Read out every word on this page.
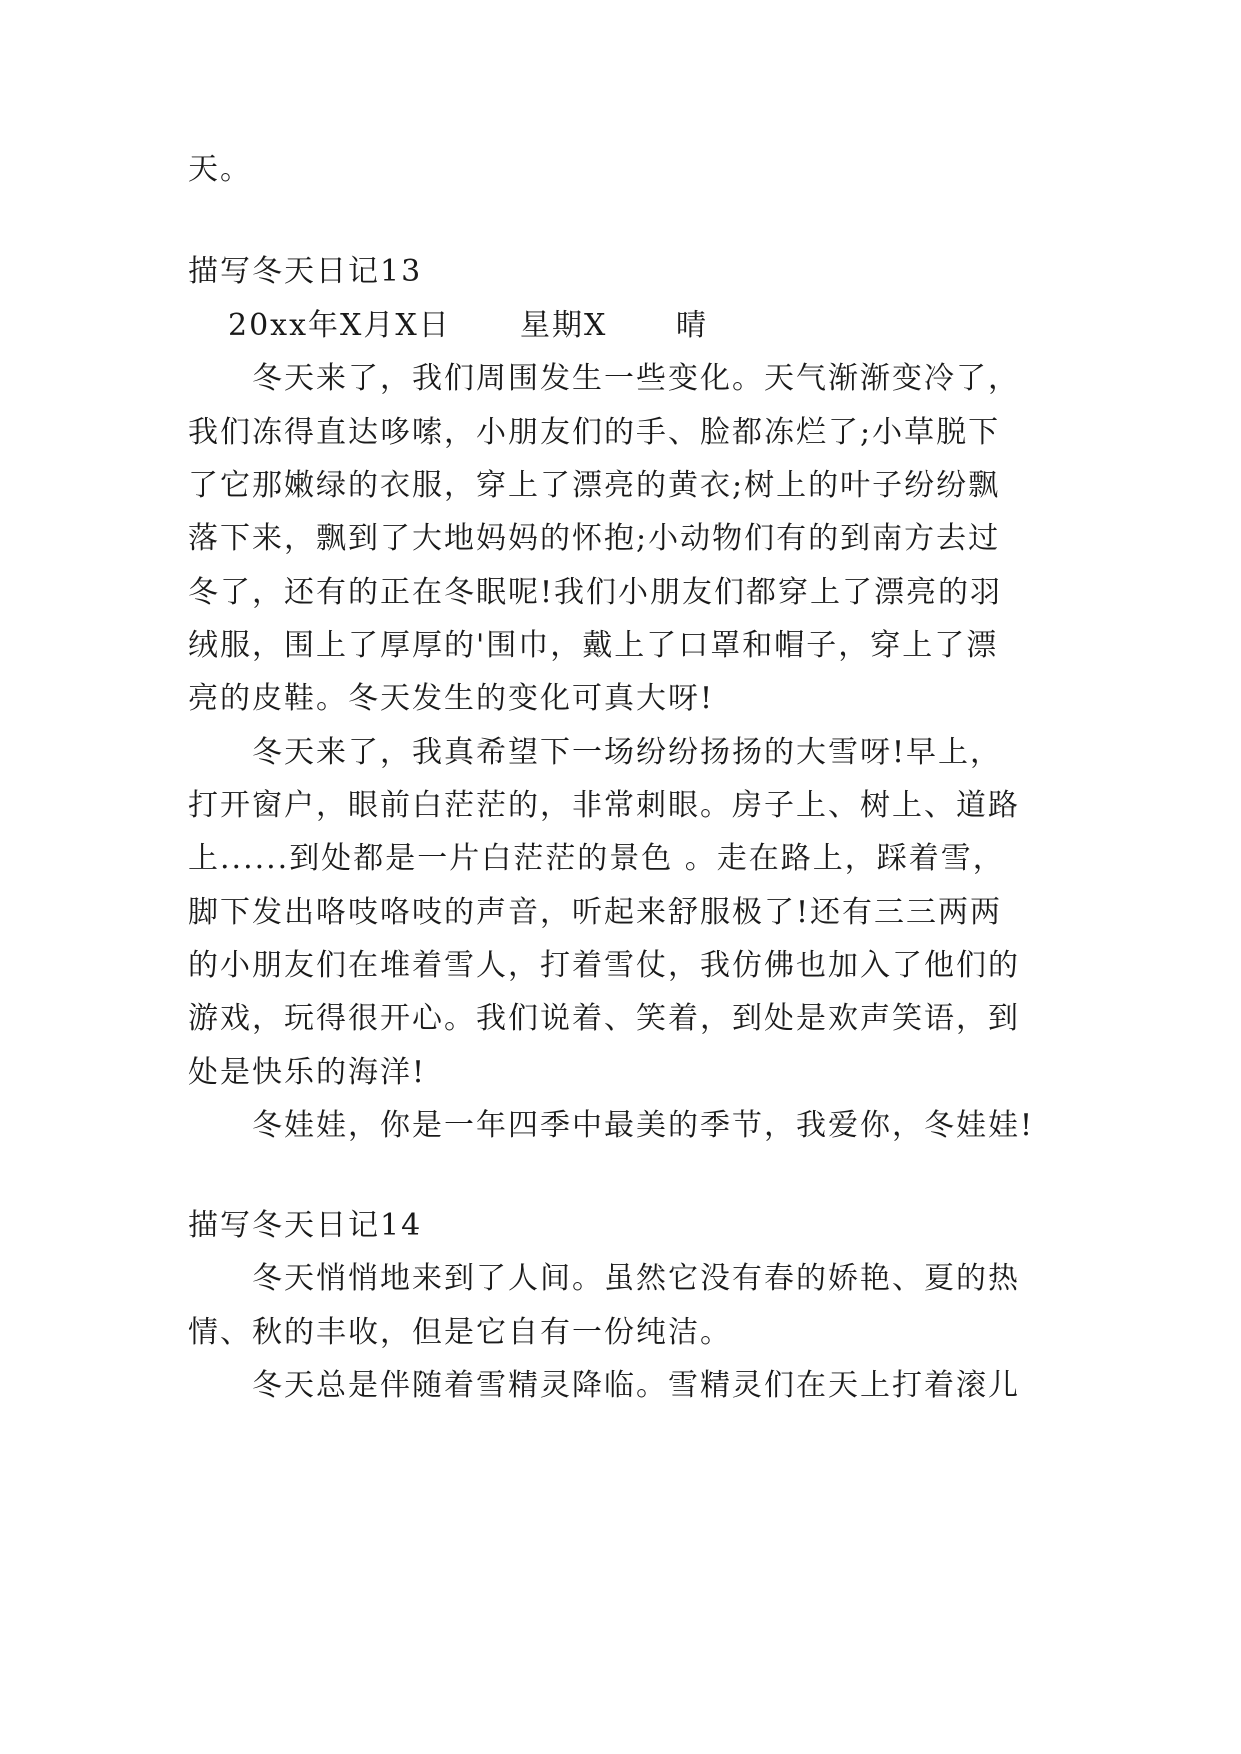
天。
描写冬天日记13
20xx年X月X日 星期X 晴
冬天来了，我们周围发生一些变化。天气渐渐变冷了，
我们冻得直达哆嗦，小朋友们的手、脸都冻烂了;小草脱下
了它那嫩绿的衣服，穿上了漂亮的黄衣;树上的叶子纷纷飘
落下来，飘到了大地妈妈的怀抱;小动物们有的到南方去过
冬了，还有的正在冬眠呢!我们小朋友们都穿上了漂亮的羽
绒服，围上了厚厚的'围巾，戴上了口罩和帽子，穿上了漂
亮的皮鞋。冬天发生的变化可真大呀!
冬天来了，我真希望下一场纷纷扬扬的大雪呀!早上，
打开窗户，眼前白茫茫的，非常刺眼。房子上、树上、道路
上......到处都是一片白茫茫的景色 。走在路上，踩着雪，
脚下发出咯吱咯吱的声音，听起来舒服极了!还有三三两两
的小朋友们在堆着雪人，打着雪仗，我仿佛也加入了他们的
游戏，玩得很开心。我们说着、笑着，到处是欢声笑语，到
处是快乐的海洋!
冬娃娃，你是一年四季中最美的季节，我爱你，冬娃娃!
描写冬天日记14
冬天悄悄地来到了人间。虽然它没有春的娇艳、夏的热
情、秋的丰收，但是它自有一份纯洁。
冬天总是伴随着雪精灵降临。雪精灵们在天上打着滚儿
